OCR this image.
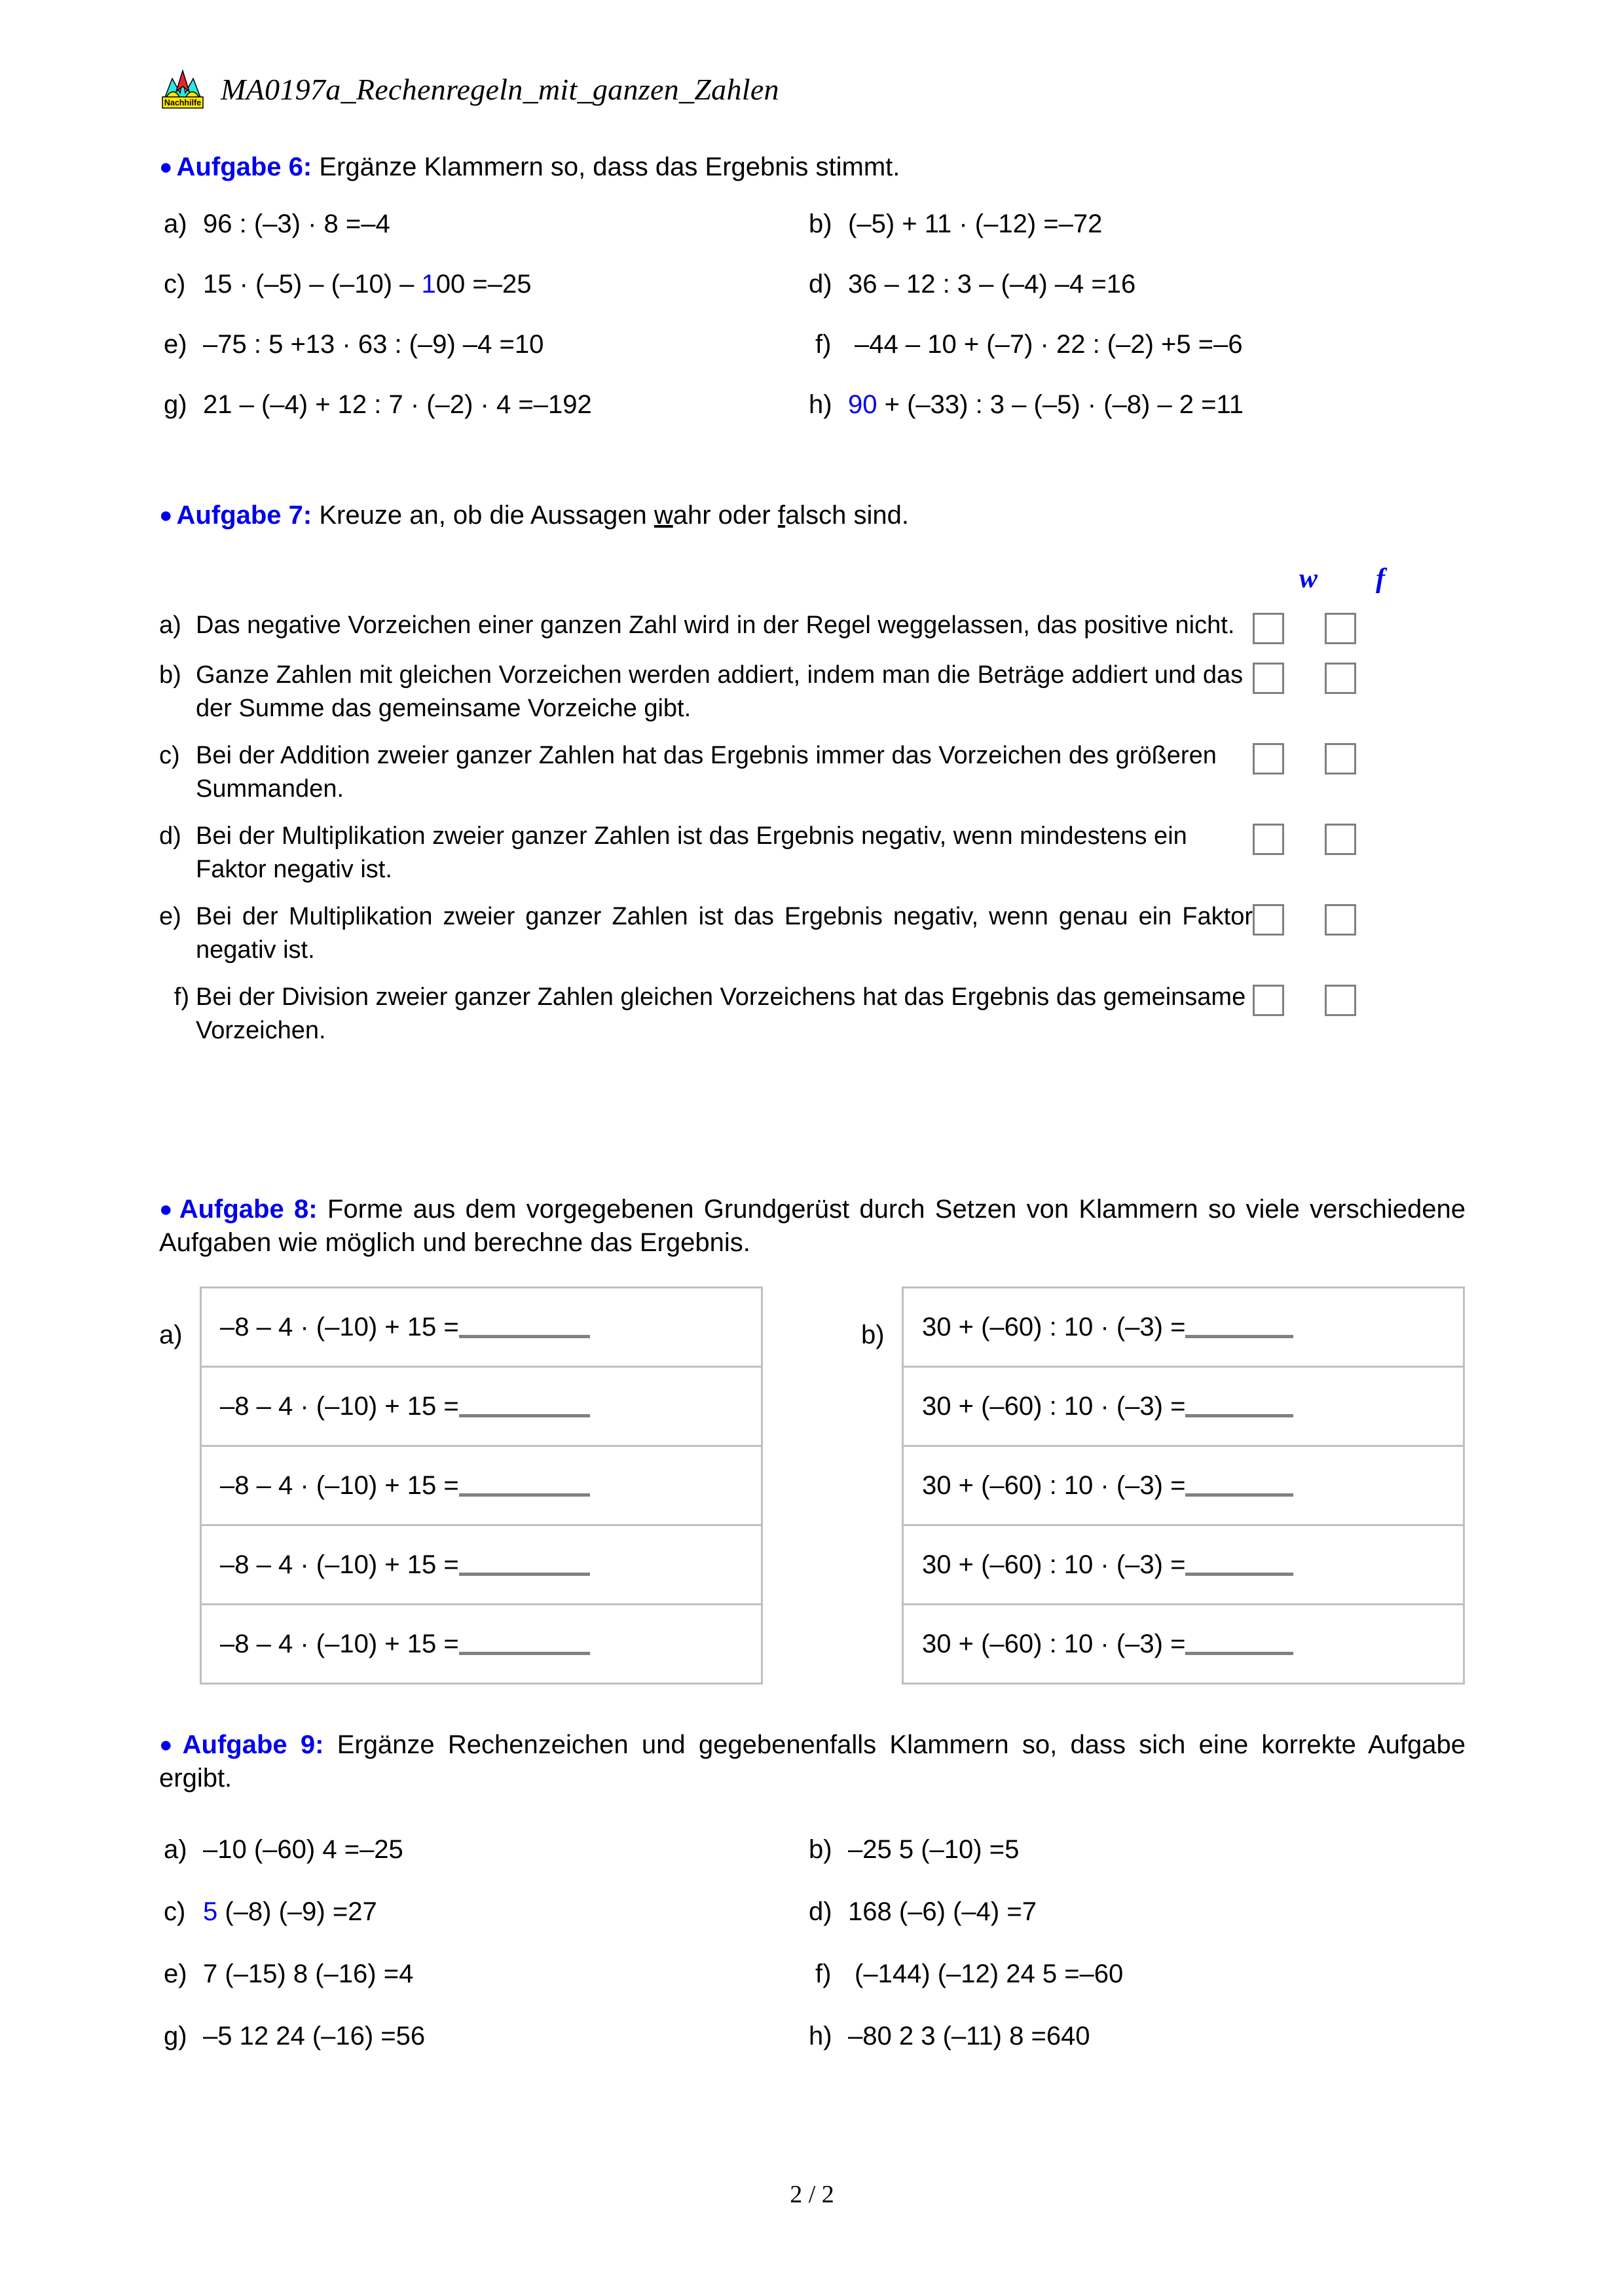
Nachhilfe MA0197a_Rechenregeln_mit_ganzen_Zahlen
● Aufgabe 6: Ergänze Klammern so, dass das Ergebnis stimmt.
a) 96 : (–3) · 8 =–4	b) (–5) + 11 · (–12) =–72
c) 15 · (–5) – (–10) – 100 =–25	d) 36 – 12 : 3 – (–4) –4 =16
e) –75 : 5 +13 · 63 : (–9) –4 =10	f) –44 – 10 + (–7) · 22 : (–2) +5 =–6
g) 21 – (–4) + 12 : 7 · (–2) · 4 =–192	h) 90 + (–33) : 3 – (–5) · (–8) – 2 =11
● Aufgabe 7: Kreuze an, ob die Aussagen wahr oder falsch sind.
w	f
a) Das negative Vorzeichen einer ganzen Zahl wird in der Regel weggelassen, das positive nicht.
b) Ganze Zahlen mit gleichen Vorzeichen werden addiert, indem man die Beträge addiert und das der Summe das gemeinsame Vorzeiche gibt.
c) Bei der Addition zweier ganzer Zahlen hat das Ergebnis immer das Vorzeichen des größeren Summanden.
d) Bei der Multiplikation zweier ganzer Zahlen ist das Ergebnis negativ, wenn mindestens ein Faktor negativ ist.
e) Bei der Multiplikation zweier ganzer Zahlen ist das Ergebnis negativ, wenn genau ein Faktor negativ ist.
f) Bei der Division zweier ganzer Zahlen gleichen Vorzeichens hat das Ergebnis das gemeinsame Vorzeichen.
● Aufgabe 8: Forme aus dem vorgegebenen Grundgerüst durch Setzen von Klammern so viele verschiedene Aufgaben wie möglich und berechne das Ergebnis.
a)	–8 – 4 · (–10) + 15 =
–8 – 4 · (–10) + 15 =
–8 – 4 · (–10) + 15 =
–8 – 4 · (–10) + 15 =
–8 – 4 · (–10) + 15 =
b)	30 + (–60) : 10 · (–3) =
30 + (–60) : 10 · (–3) =
30 + (–60) : 10 · (–3) =
30 + (–60) : 10 · (–3) =
30 + (–60) : 10 · (–3) =
● Aufgabe 9: Ergänze Rechenzeichen und gegebenenfalls Klammern so, dass sich eine korrekte Aufgabe ergibt.
a) –10 (–60) 4 =–25	b) –25 5 (–10) =5
c) 5 (–8) (–9) =27	d) 168 (–6) (–4) =7
e) 7 (–15) 8 (–16) =4	f) (–144) (–12) 24 5 =–60
g) –5 12 24 (–16) =56	h) –80 2 3 (–11) 8 =640
2 / 2
